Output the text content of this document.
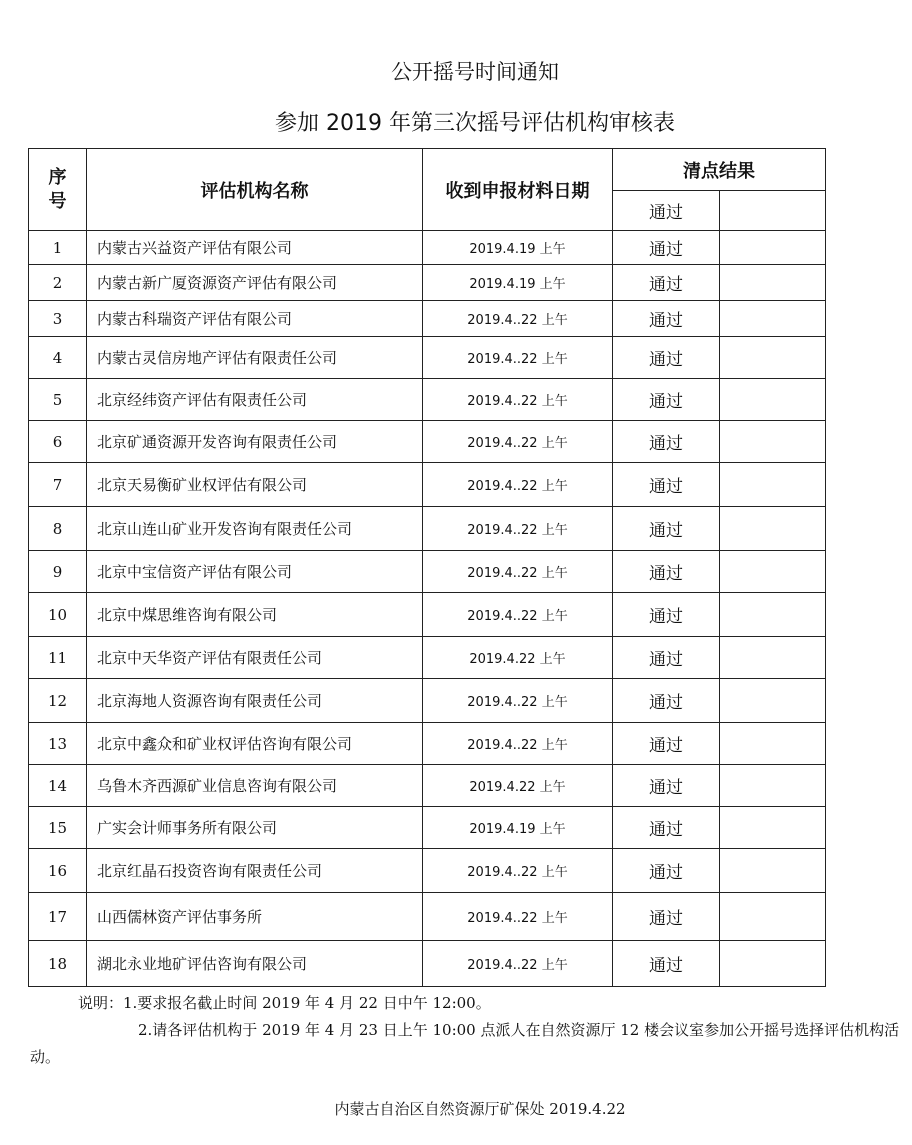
公开摇号时间通知
参加 2019 年第三次摇号评估机构审核表
序号	评估机构名称	收到申报材料日期	清点结果	
			通过	
1	内蒙古兴益资产评估有限公司	2019.4.19 上午	通过	
2	内蒙古新广厦资源资产评估有限公司	2019.4.19 上午	通过	
3	内蒙古科瑞资产评估有限公司	2019.4..22 上午	通过	
4	内蒙古灵信房地产评估有限责任公司	2019.4..22 上午	通过	
5	北京经纬资产评估有限责任公司	2019.4..22 上午	通过	
6	北京矿通资源开发咨询有限责任公司	2019.4..22 上午	通过	
7	北京天易衡矿业权评估有限公司	2019.4..22 上午	通过	
8	北京山连山矿业开发咨询有限责任公司	2019.4..22 上午	通过	
9	北京中宝信资产评估有限公司	2019.4..22 上午	通过	
10	北京中煤思维咨询有限公司	2019.4..22 上午	通过	
11	北京中天华资产评估有限责任公司	2019.4.22 上午	通过	
12	北京海地人资源咨询有限责任公司	2019.4..22 上午	通过	
13	北京中鑫众和矿业权评估咨询有限公司	2019.4..22 上午	通过	
14	乌鲁木齐西源矿业信息咨询有限公司	2019.4.22 上午	通过	
15	广实会计师事务所有限公司	2019.4.19 上午	通过	
16	北京红晶石投资咨询有限责任公司	2019.4..22 上午	通过	
17	山西儒林资产评估事务所	2019.4..22 上午	通过	
18	湖北永业地矿评估咨询有限公司	2019.4..22 上午	通过	
说明：1.要求报名截止时间 2019 年 4 月 22 日中午 12:00。
2.请各评估机构于 2019 年 4 月 23 日上午 10:00 点派人在自然资源厅 12 楼会议室参加公开摇号选择评估机构活动。
内蒙古自治区自然资源厅矿保处 2019.4.22
